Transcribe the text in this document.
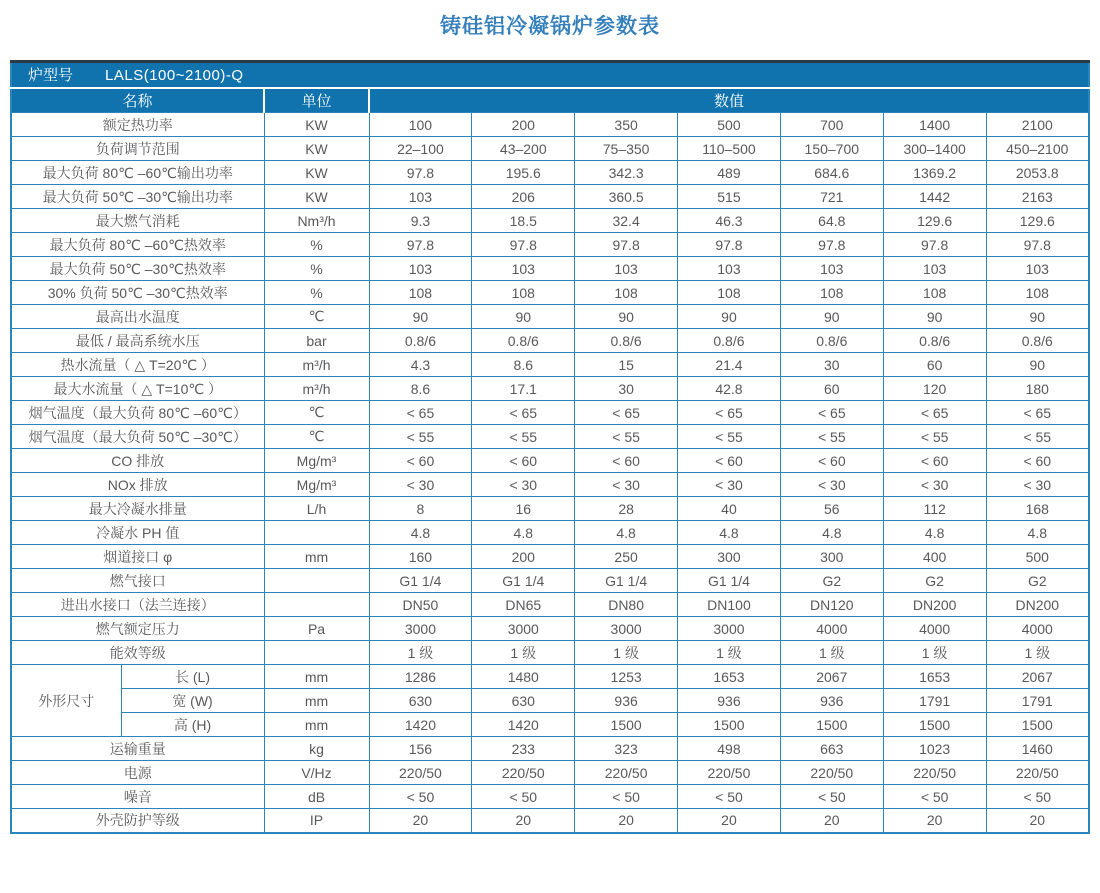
铸硅铝冷凝锅炉参数表
炉型号 LALS(100~2100)-Q									
名称		单位	数值						
额定热功率		KW	100	200	350	500	700	1400	2100
负荷调节范围		KW	22–100	43–200	75–350	110–500	150–700	300–1400	450–2100
最大负荷 80℃ –60℃输出功率		KW	97.8	195.6	342.3	489	684.6	1369.2	2053.8
最大负荷 50℃ –30℃输出功率		KW	103	206	360.5	515	721	1442	2163
最大燃气消耗		Nm³/h	9.3	18.5	32.4	46.3	64.8	129.6	129.6
最大负荷 80℃ –60℃热效率		%	97.8	97.8	97.8	97.8	97.8	97.8	97.8
最大负荷 50℃ –30℃热效率		%	103	103	103	103	103	103	103
30% 负荷 50℃ –30℃热效率		%	108	108	108	108	108	108	108
最高出水温度		℃	90	90	90	90	90	90	90
最低 / 最高系统水压		bar	0.8/6	0.8/6	0.8/6	0.8/6	0.8/6	0.8/6	0.8/6
热水流量（ △ T=20℃ ）		m³/h	4.3	8.6	15	21.4	30	60	90
最大水流量（ △ T=10℃ ）		m³/h	8.6	17.1	30	42.8	60	120	180
烟气温度（最大负荷 80℃ –60℃）		℃	< 65	< 65	< 65	< 65	< 65	< 65	< 65
烟气温度（最大负荷 50℃ –30℃）		℃	< 55	< 55	< 55	< 55	< 55	< 55	< 55
CO 排放		Mg/m³	< 60	< 60	< 60	< 60	< 60	< 60	< 60
NOx 排放		Mg/m³	< 30	< 30	< 30	< 30	< 30	< 30	< 30
最大冷凝水排量		L/h	8	16	28	40	56	112	168
冷凝水 PH 值			4.8	4.8	4.8	4.8	4.8	4.8	4.8
烟道接口 φ		mm	160	200	250	300	300	400	500
燃气接口			G1 1/4	G1 1/4	G1 1/4	G1 1/4	G2	G2	G2
进出水接口（法兰连接）			DN50	DN65	DN80	DN100	DN120	DN200	DN200
燃气额定压力		Pa	3000	3000	3000	3000	4000	4000	4000
能效等级			1 级	1 级	1 级	1 级	1 级	1 级	1 级
外形尺寸	长 (L)	mm	1286	1480	1253	1653	2067	1653	2067
	宽 (W)	mm	630	630	936	936	936	1791	1791
	高 (H)	mm	1420	1420	1500	1500	1500	1500	1500
运输重量		kg	156	233	323	498	663	1023	1460
电源		V/Hz	220/50	220/50	220/50	220/50	220/50	220/50	220/50
噪音		dB	< 50	< 50	< 50	< 50	< 50	< 50	< 50
外壳防护等级		IP	20	20	20	20	20	20	20
